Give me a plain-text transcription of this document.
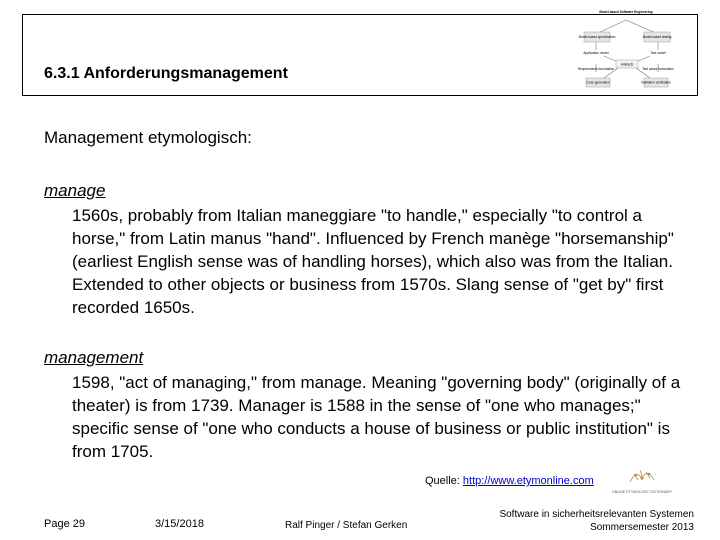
6.3.1 Anforderungsmanagement
Model-based Software Engineering
Model-based specification	Model-based testing
Application model	Test model
Artefacts
Requirements formulation	Test cases formulation
Code generation	Validation verification
Management etymologisch:
manage
1560s, probably from Italian maneggiare "to handle," especially "to control a horse," from Latin manus "hand". Influenced by French manège "horsemanship" (earliest English sense was of handling horses), which also was from the Italian. Extended to other objects or business from 1570s. Slang sense of "get by" first recorded 1650s.
management
1598, "act of managing," from manage. Meaning "governing body" (originally of a theater) is from 1739. Manager is 1588 in the sense of "one who manages;" specific sense of "one who conducts a house of business or public institution" is from 1705.
Quelle: http://www.etymonline.com
ONLINE ETYMOLOGY DICTIONARY
Page 29	3/15/2018	Ralf Pinger / Stefan Gerken
Software in sicherheitsrelevanten Systemen
Sommersemester 2013
